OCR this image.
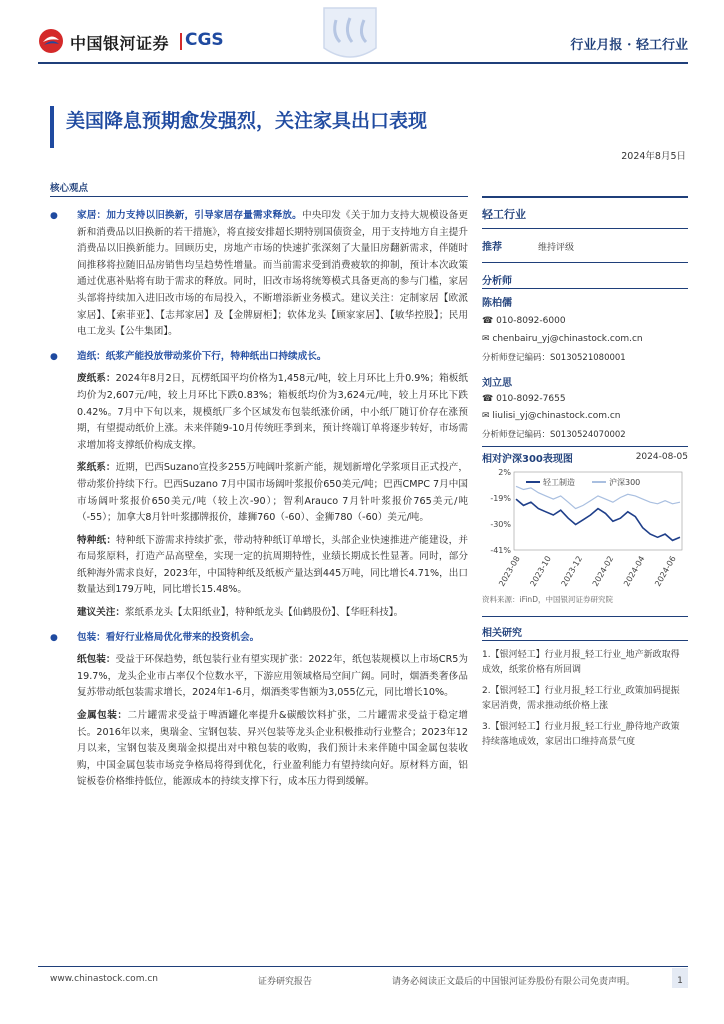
中国银河证券 CGS	行业月报 · 轻工行业
美国降息预期愈发强烈，关注家具出口表现
2024年8月5日
核心观点
● 家居：加力支持以旧换新，引导家居存量需求释放。中央印发《关于加力支持大规模设备更新和消费品以旧换新的若干措施》，将直接安排超长期特别国债资金，用于支持地方自主提升消费品以旧换新能力。回顾历史，房地产市场的快速扩张深刻了大量旧房翻新需求，伴随时间推移将拉随旧品房销售均呈趋势性增量。而当前需求受到消费疲软的抑制，预计本次政策通过优惠补贴将有助于需求的释放。同时，旧改市场将统筹模式具备更高的参与门槛，家居头部将持续加入进旧改市场的布局投入，不断增添新业务模式。建议关注：定制家居【欧派家居】、【索菲亚】、【志邦家居】及【金牌厨柜】；软体龙头【顾家家居】、【敏华控股】；民用电工龙头【公牛集团】。
● 造纸：纸浆产能投放带动浆价下行，特种纸出口持续成长。
废纸系：2024年8月2日，瓦楞纸国平均价格为1,458元/吨，较上月环比上升0.9%；箱板纸均价为2,607元/吨，较上月环比下跌0.83%；箱板纸均价为3,624元/吨，较上月环比下跌0.42%。7月中下旬以来，规模纸厂多个区域发布包装纸涨价函，中小纸厂随订价存在涨预期，有望提动纸价上涨。未来伴随9-10月传统旺季到来，预计终端订单将逐步转好，市场需求增加将支撑纸价构成支撑。
浆纸系：近期，巴西Suzano宣投多255万吨阔叶浆新产能，规划新增化学浆项目正式投产，带动浆价持续下行。巴西Suzano 7月中国市场阔叶浆报价650美元/吨；巴西CMPC 7月中国市场阔叶浆报价650美元/吨（较上次-90）；智利Arauco 7月针叶浆报价765美元/吨（-55）；加拿大8月针叶浆挪牌报价，雄狮760（-60）、金狮780（-60）美元/吨。
特种纸：特种纸下游需求持续扩张，带动特种纸订单增长，头部企业快速推进产能建设，并布局浆原料，打造产品高壁垒，实现一定的抗周期特性，业绩长期成长性显著。同时，部分纸种海外需求良好，2023年，中国特种纸及纸板产量达到445万吨，同比增长4.71%，出口数量达到179万吨，同比增长15.48%。
建议关注：浆纸系龙头【太阳纸业】，特种纸龙头【仙鹤股份】、【华旺科技】。
● 包装：看好行业格局优化带来的投资机会。
纸包装：受益于环保趋势，纸包装行业有望实现扩张：2022年，纸包装规模以上市场CR5为19.7%，龙头企业市占率仅个位数水平，下游应用领域格局空间广阔。同时，烟酒类奢侈品复苏带动纸包装需求增长，2024年1-6月，烟酒类零售额为3,055亿元，同比增长10%。
金属包装：二片罐需求受益于啤酒罐化率提升&碳酸饮料扩张，二片罐需求受益于稳定增长。2016年以来，奥瑞金、宝钢包装、昇兴包装等龙头企业积极推动行业整合；2023年12月以来，宝钢包装及奥瑞金拟提出对中粮包装的收购，我们预计未来伴随中国金属包装收购，中国金属包装市场竞争格局将得到优化，行业盈利能力有望持续向好。原材料方面，铝锭板卷价格维持低位，能源成本的持续支撑下行，成本压力得到缓解。
轻工行业
推荐	维持评级
分析师
陈柏儒
☎ 010-8092-6000
✉ chenbairu_yj@chinastock.com.cn
分析师登记编码：S0130521080001
刘立思
☎ 010-8092-7655
✉ liulisi_yj@chinastock.com.cn
分析师登记编码：S0130524070002
相对沪深300表现图	2024-08-05
2%
-19%
-30%
-41%
2023-08 2023-10 2023-12 2024-02 2024-04 2024-06
轻工制造	沪深300
资料来源：iFinD，中国银河证券研究院
相关研究
1.【银河轻工】行业月报_轻工行业_地产新政取得成效，纸浆价格有所回调
2.【银河轻工】行业月报_轻工行业_政策加码提振家居消费，需求推动纸价格上涨
3.【银河轻工】行业月报_轻工行业_静待地产政策持续落地成效，家居出口维持高景气度
www.chinastock.com.cn	证券研究报告	请务必阅读正文最后的中国银河证券股份有限公司免责声明。	1
